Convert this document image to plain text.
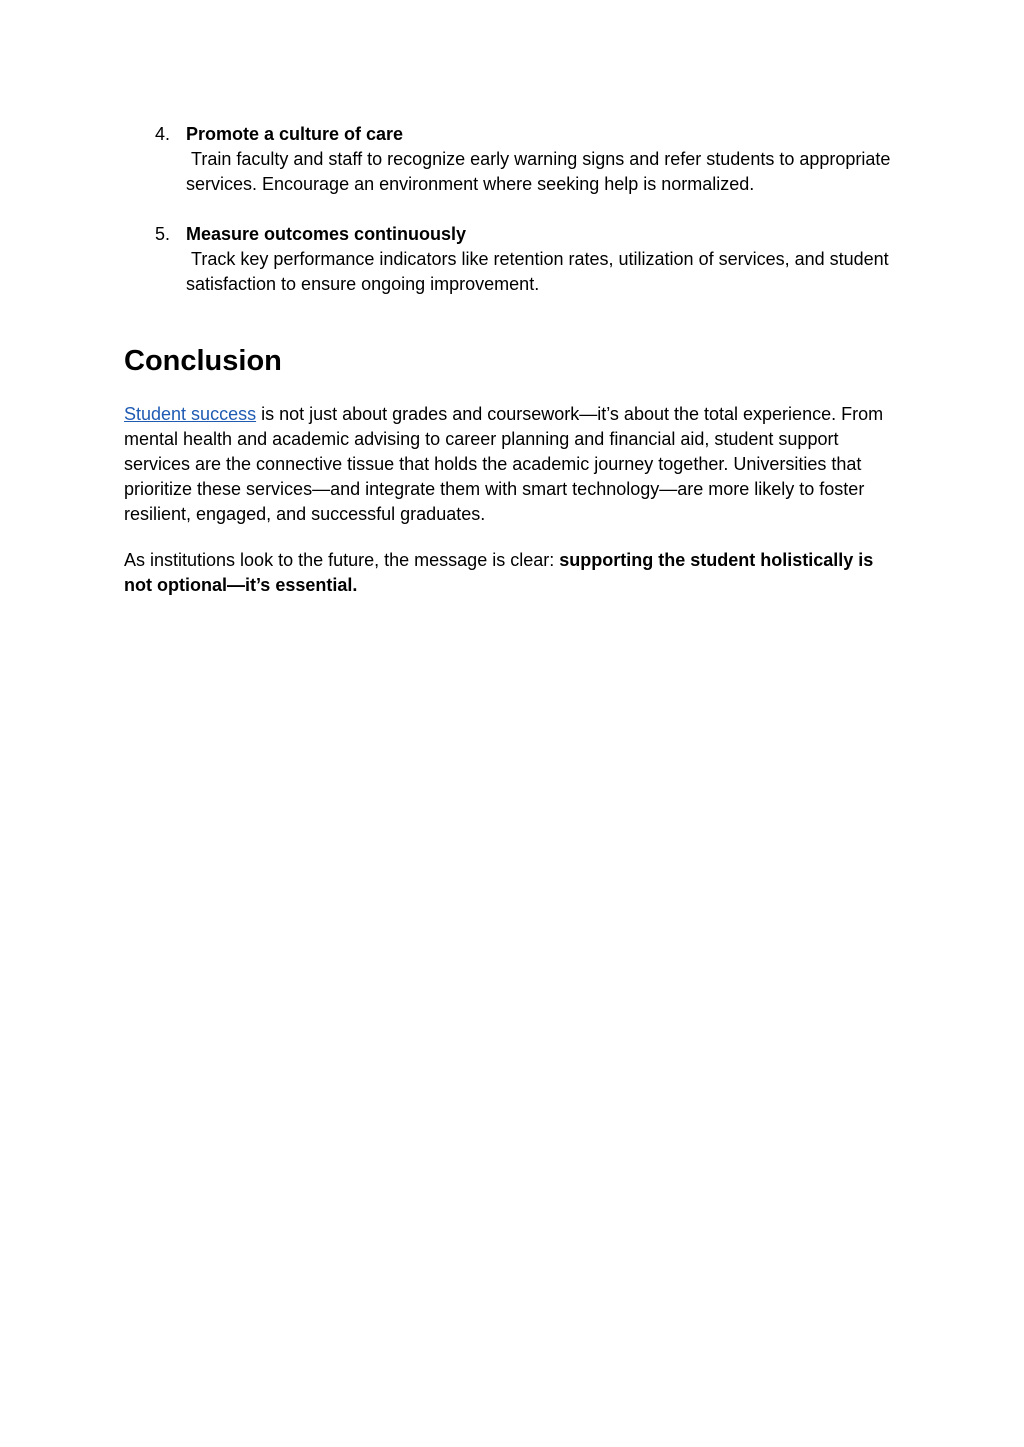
4. Promote a culture of care
Train faculty and staff to recognize early warning signs and refer students to appropriate services. Encourage an environment where seeking help is normalized.
5. Measure outcomes continuously
Track key performance indicators like retention rates, utilization of services, and student satisfaction to ensure ongoing improvement.
Conclusion

Student success is not just about grades and coursework—it’s about the total experience. From mental health and academic advising to career planning and financial aid, student support services are the connective tissue that holds the academic journey together. Universities that prioritize these services—and integrate them with smart technology—are more likely to foster resilient, engaged, and successful graduates.

As institutions look to the future, the message is clear: supporting the student holistically is not optional—it’s essential.
